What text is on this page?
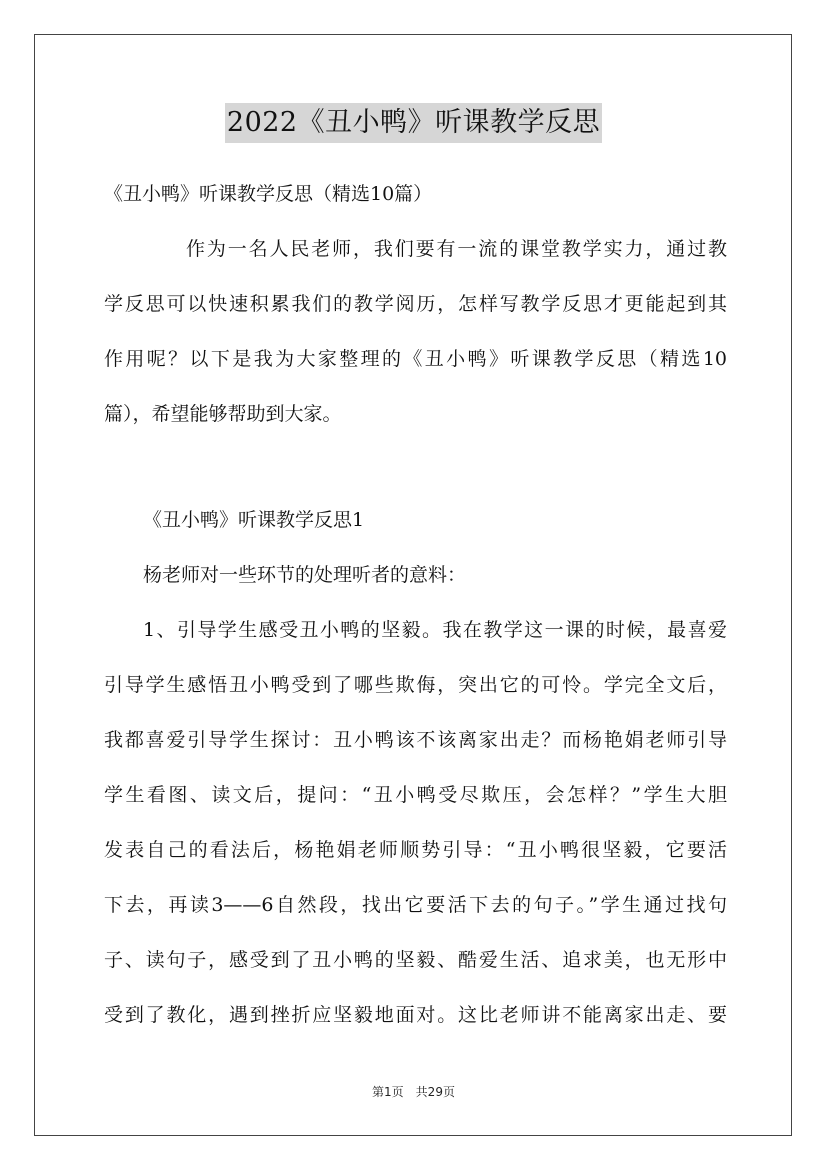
2022《丑小鸭》听课教学反思
《丑小鸭》听课教学反思（精选10篇）
作为一名人民老师，我们要有一流的课堂教学实力，通过教
学反思可以快速积累我们的教学阅历，怎样写教学反思才更能起到其
作用呢？以下是我为大家整理的《丑小鸭》听课教学反思（精选10
篇），希望能够帮助到大家。
《丑小鸭》听课教学反思1
杨老师对一些环节的处理听者的意料：
1、引导学生感受丑小鸭的坚毅。我在教学这一课的时候，最喜爱
引导学生感悟丑小鸭受到了哪些欺侮，突出它的可怜。学完全文后，
我都喜爱引导学生探讨：丑小鸭该不该离家出走？而杨艳娟老师引导
学生看图、读文后，提问：“丑小鸭受尽欺压，会怎样？”学生大胆
发表自己的看法后，杨艳娟老师顺势引导：“丑小鸭很坚毅，它要活
下去，再读3——6自然段，找出它要活下去的句子。”学生通过找句
子、读句子，感受到了丑小鸭的坚毅、酷爱生活、追求美，也无形中
受到了教化，遇到挫折应坚毅地面对。这比老师讲不能离家出走、要
第1页　共29页
